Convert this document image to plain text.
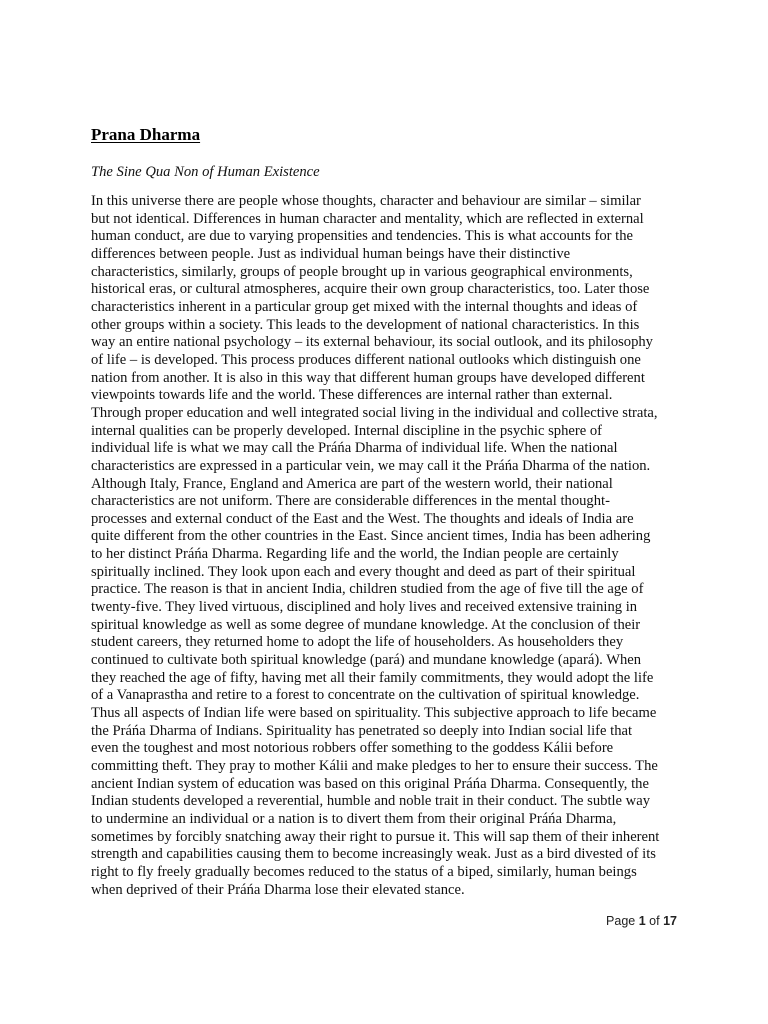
Prana Dharma

The Sine Qua Non of Human Existence

In this universe there are people whose thoughts, character and behaviour are similar – similar
but not identical. Differences in human character and mentality, which are reflected in external
human conduct, are due to varying propensities and tendencies. This is what accounts for the
differences between people. Just as individual human beings have their distinctive
characteristics, similarly, groups of people brought up in various geographical environments,
historical eras, or cultural atmospheres, acquire their own group characteristics, too. Later those
characteristics inherent in a particular group get mixed with the internal thoughts and ideas of
other groups within a society. This leads to the development of national characteristics. In this
way an entire national psychology – its external behaviour, its social outlook, and its philosophy
of life – is developed. This process produces different national outlooks which distinguish one
nation from another. It is also in this way that different human groups have developed different
viewpoints towards life and the world. These differences are internal rather than external.
Through proper education and well integrated social living in the individual and collective strata,
internal qualities can be properly developed. Internal discipline in the psychic sphere of
individual life is what we may call the Práńa Dharma of individual life. When the national
characteristics are expressed in a particular vein, we may call it the Práńa Dharma of the nation.
Although Italy, France, England and America are part of the western world, their national
characteristics are not uniform. There are considerable differences in the mental thought-
processes and external conduct of the East and the West. The thoughts and ideals of India are
quite different from the other countries in the East. Since ancient times, India has been adhering
to her distinct Práńa Dharma. Regarding life and the world, the Indian people are certainly
spiritually inclined. They look upon each and every thought and deed as part of their spiritual
practice. The reason is that in ancient India, children studied from the age of five till the age of
twenty-five. They lived virtuous, disciplined and holy lives and received extensive training in
spiritual knowledge as well as some degree of mundane knowledge. At the conclusion of their
student careers, they returned home to adopt the life of householders. As householders they
continued to cultivate both spiritual knowledge (pará) and mundane knowledge (apará). When
they reached the age of fifty, having met all their family commitments, they would adopt the life
of a Vanaprastha and retire to a forest to concentrate on the cultivation of spiritual knowledge.
Thus all aspects of Indian life were based on spirituality. This subjective approach to life became
the Práńa Dharma of Indians. Spirituality has penetrated so deeply into Indian social life that
even the toughest and most notorious robbers offer something to the goddess Kálii before
committing theft. They pray to mother Kálii and make pledges to her to ensure their success. The
ancient Indian system of education was based on this original Práńa Dharma. Consequently, the
Indian students developed a reverential, humble and noble trait in their conduct. The subtle way
to undermine an individual or a nation is to divert them from their original Práńa Dharma,
sometimes by forcibly snatching away their right to pursue it. This will sap them of their inherent
strength and capabilities causing them to become increasingly weak. Just as a bird divested of its
right to fly freely gradually becomes reduced to the status of a biped, similarly, human beings
when deprived of their Práńa Dharma lose their elevated stance.

Page 1 of 17
